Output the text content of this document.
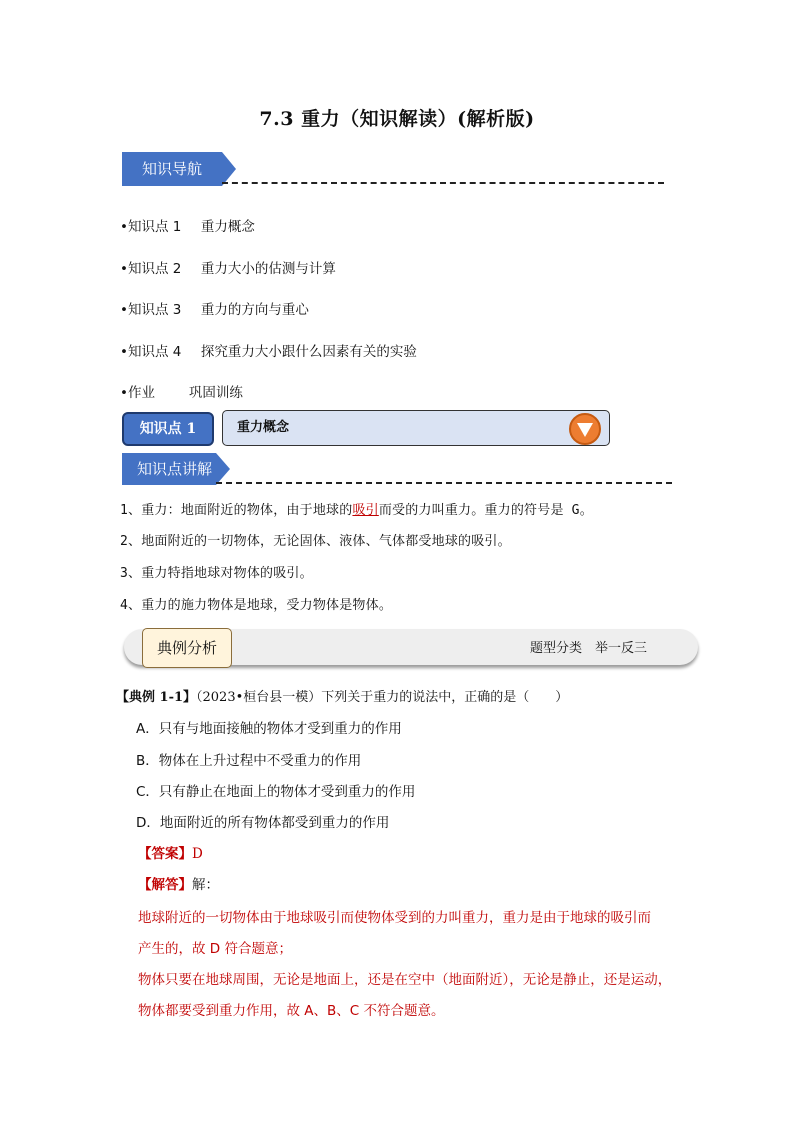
7.3 重力（知识解读）(解析版)
知识导航
•知识点 1 重力概念
•知识点 2 重力大小的估测与计算
•知识点 3 重力的方向与重心
•知识点 4 探究重力大小跟什么因素有关的实验
•作业	巩固训练
知识点 1	重力概念
知识点讲解
1、重力：地面附近的物体，由于地球的吸引而受的力叫重力。重力的符号是 G。
2、地面附近的一切物体，无论固体、液体、气体都受地球的吸引。
3、重力特指地球对物体的吸引。
4、重力的施力物体是地球，受力物体是物体。
典例分析	题型分类　举一反三
【典例 1-1】（2023•桓台县一模）下列关于重力的说法中，正确的是（　　）
A．只有与地面接触的物体才受到重力的作用
B．物体在上升过程中不受重力的作用
C．只有静止在地面上的物体才受到重力的作用
D．地面附近的所有物体都受到重力的作用
【答案】D
【解答】解：
地球附近的一切物体由于地球吸引而使物体受到的力叫重力，重力是由于地球的吸引而
产生的，故 D 符合题意；
物体只要在地球周围，无论是地面上，还是在空中（地面附近），无论是静止，还是运动，
物体都要受到重力作用，故 A、B、C 不符合题意。
